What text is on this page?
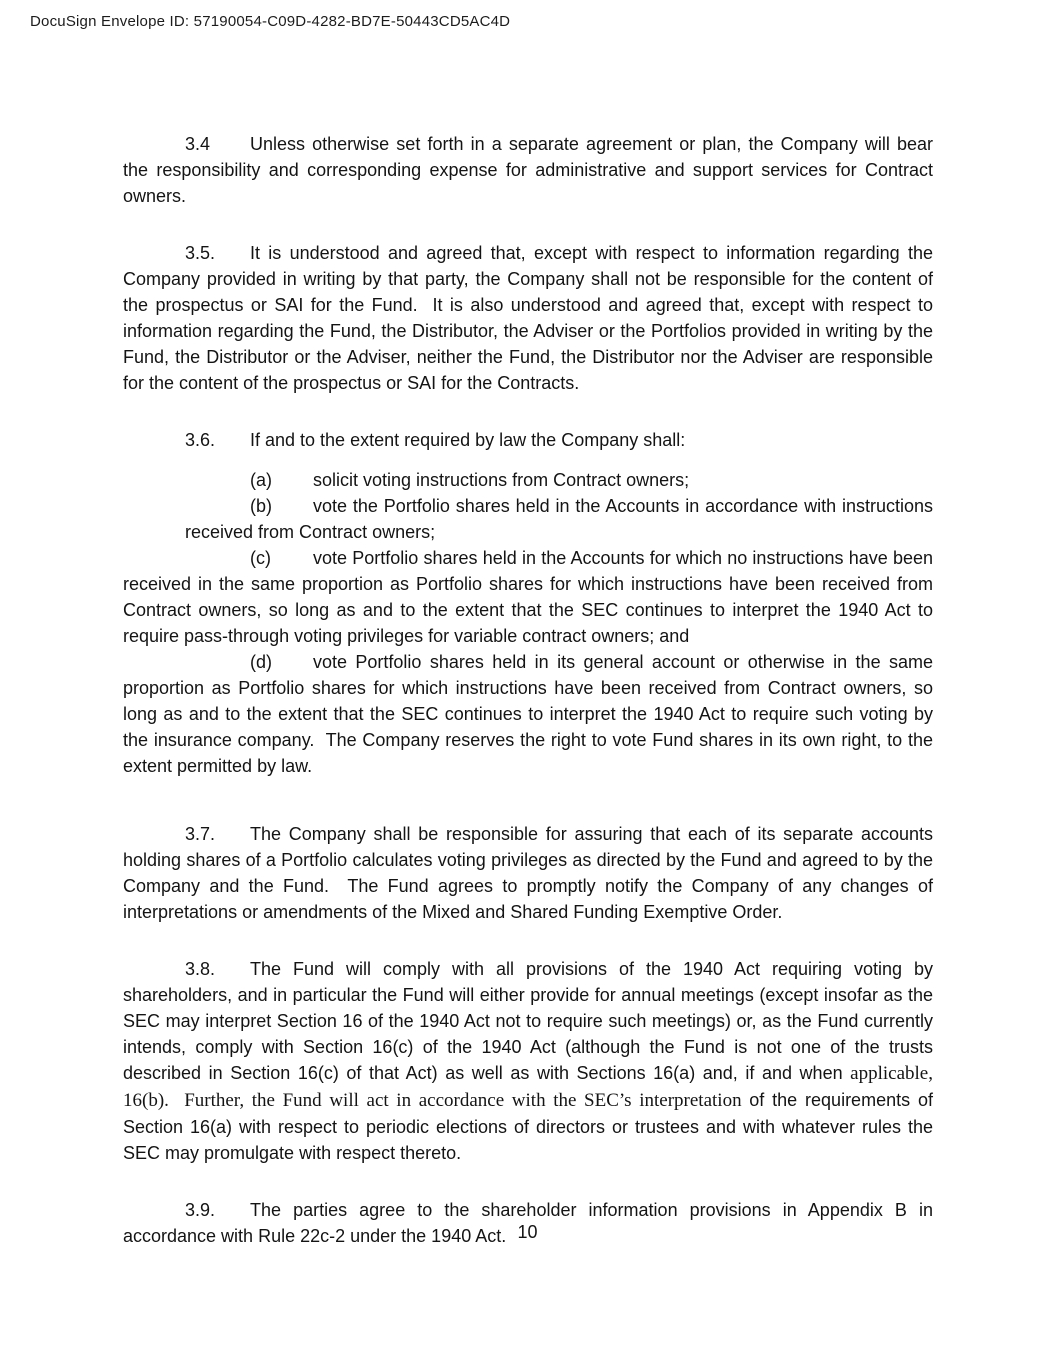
DocuSign Envelope ID: 57190054-C09D-4282-BD7E-50443CD5AC4D

3.4 Unless otherwise set forth in a separate agreement or plan, the Company will bear the responsibility and corresponding expense for administrative and support services for Contract owners.

3.5. It is understood and agreed that, except with respect to information regarding the Company provided in writing by that party, the Company shall not be responsible for the content of the prospectus or SAI for the Fund.  It is also understood and agreed that, except with respect to information regarding the Fund, the Distributor, the Adviser or the Portfolios provided in writing by the Fund, the Distributor or the Adviser, neither the Fund, the Distributor nor the Adviser are responsible for the content of the prospectus or SAI for the Contracts.

3.6. If and to the extent required by law the Company shall:

(a) solicit voting instructions from Contract owners;

(b) vote the Portfolio shares held in the Accounts in accordance with instructions received from Contract owners;

(c) vote Portfolio shares held in the Accounts for which no instructions have been received in the same proportion as Portfolio shares for which instructions have been received from Contract owners, so long as and to the extent that the SEC continues to interpret the 1940 Act to require pass-through voting privileges for variable contract owners; and

(d) vote Portfolio shares held in its general account or otherwise in the same proportion as Portfolio shares for which instructions have been received from Contract owners, so long as and to the extent that the SEC continues to interpret the 1940 Act to require such voting by the insurance company.  The Company reserves the right to vote Fund shares in its own right, to the extent permitted by law.

3.7. The Company shall be responsible for assuring that each of its separate accounts holding shares of a Portfolio calculates voting privileges as directed by the Fund and agreed to by the Company and the Fund.  The Fund agrees to promptly notify the Company of any changes of interpretations or amendments of the Mixed and Shared Funding Exemptive Order.

3.8. The Fund will comply with all provisions of the 1940 Act requiring voting by shareholders, and in particular the Fund will either provide for annual meetings (except insofar as the SEC may interpret Section 16 of the 1940 Act not to require such meetings) or, as the Fund currently intends, comply with Section 16(c) of the 1940 Act (although the Fund is not one of the trusts described in Section 16(c) of that Act) as well as with Sections 16(a) and, if and when applicable, 16(b).  Further, the Fund will act in accordance with the SEC’s interpretation of the requirements of Section 16(a) with respect to periodic elections of directors or trustees and with whatever rules the SEC may promulgate with respect thereto.

3.9. The parties agree to the shareholder information provisions in Appendix B in accordance with Rule 22c-2 under the 1940 Act. 10
